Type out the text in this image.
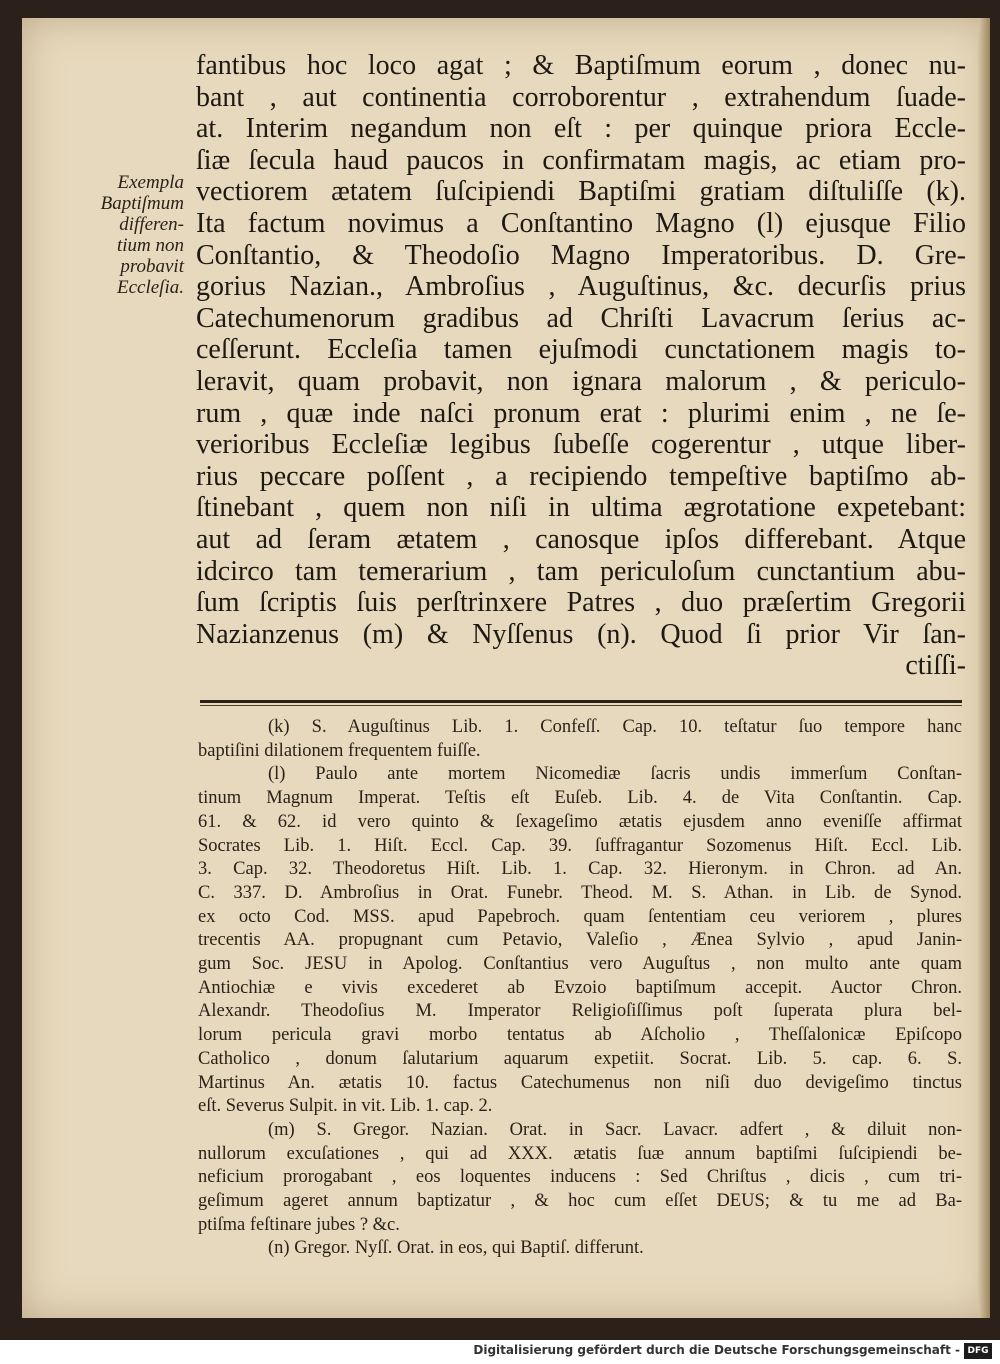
Exempla
Baptiſmum
differen-
tium non
probavit
Eccleſia.
fantibus hoc loco agat ; & Baptiſmum eorum , donec nu-
bant , aut continentia corroborentur , extrahendum ſuade-
at. Interim negandum non eſt : per quinque priora Eccle-
ſiæ ſecula haud paucos in confirmatam magis, ac etiam pro-
vectiorem ætatem ſuſcipiendi Baptiſmi gratiam diſtuliſſe (k).
Ita factum novimus a Conſtantino Magno (l) ejusque Filio
Conſtantio, & Theodoſio Magno Imperatoribus. D. Gre-
gorius Nazian., Ambroſius , Auguſtinus, &c. decurſis prius
Catechumenorum gradibus ad Chriſti Lavacrum ſerius ac-
ceſſerunt. Eccleſia tamen ejuſmodi cunctationem magis to-
leravit, quam probavit, non ignara malorum , & periculo-
rum , quæ inde naſci pronum erat : plurimi enim , ne ſe-
verioribus Eccleſiæ legibus ſubeſſe cogerentur , utque liber-
rius peccare poſſent , a recipiendo tempeſtive baptiſmo ab-
ſtinebant , quem non niſi in ultima ægrotatione expetebant:
aut ad ſeram ætatem , canosque ipſos differebant. Atque
idcirco tam temerarium , tam periculoſum cunctantium abu-
ſum ſcriptis ſuis perſtrinxere Patres , duo præſertim Gregorii
Nazianzenus (m) & Nyſſenus (n). Quod ſi prior Vir ſan-
ctiſſi-
(k) S. Auguſtinus Lib. 1. Confeſſ. Cap. 10. teſtatur ſuo tempore hanc
baptiſini dilationem frequentem fuiſſe.
(l) Paulo ante mortem Nicomediæ ſacris undis immerſum Conſtan-
tinum Magnum Imperat. Teſtis eſt Euſeb. Lib. 4. de Vita Conſtantin. Cap.
61. & 62. id vero quinto & ſexageſimo ætatis ejusdem anno eveniſſe affirmat
Socrates Lib. 1. Hiſt. Eccl. Cap. 39. ſuffragantur Sozomenus Hiſt. Eccl. Lib.
3. Cap. 32. Theodoretus Hiſt. Lib. 1. Cap. 32. Hieronym. in Chron. ad An.
C. 337. D. Ambroſius in Orat. Funebr. Theod. M. S. Athan. in Lib. de Synod.
ex octo Cod. MSS. apud Papebroch. quam ſententiam ceu veriorem , plures
trecentis AA. propugnant cum Petavio, Valeſio , Æneа Sylvio , apud Janin-
gum Soc. JESU in Apolog. Conſtantius vero Auguſtus , non multo ante quam
Antiochiæ e vivis excederet ab Evzoio baptiſmum accepit. Auctor Chron.
Alexandr. Theodoſius M. Imperator Religioſiſſimus poſt ſuperata plura bel-
lorum pericula gravi morbo tentatus ab Aſcholio , Theſſalonicæ Epiſcopo
Catholico , donum ſalutarium aquarum expetiit. Socrat. Lib. 5. cap. 6. S.
Martinus An. ætatis 10. factus Catechumenus non niſi duo devigeſimo tinctus
eſt. Severus Sulpit. in vit. Lib. 1. cap. 2.
(m) S. Gregor. Nazian. Orat. in Sacr. Lavacr. adfert , & diluit non-
nullorum excuſationes , qui ad XXX. ætatis ſuæ annum baptiſmi ſuſcipiendi be-
neficium prorogabant , eos loquentes inducens : Sed Chriſtus , dicis , cum tri-
geſimum ageret annum baptizatur , & hoc cum eſſet DEUS; & tu me ad Ba-
ptiſma feſtinare jubes ? &c.
(n) Gregor. Nyſſ. Orat. in eos, qui Baptiſ. differunt.
Digitalisierung gefördert durch die Deutsche Forschungsgemeinschaft - DFG
